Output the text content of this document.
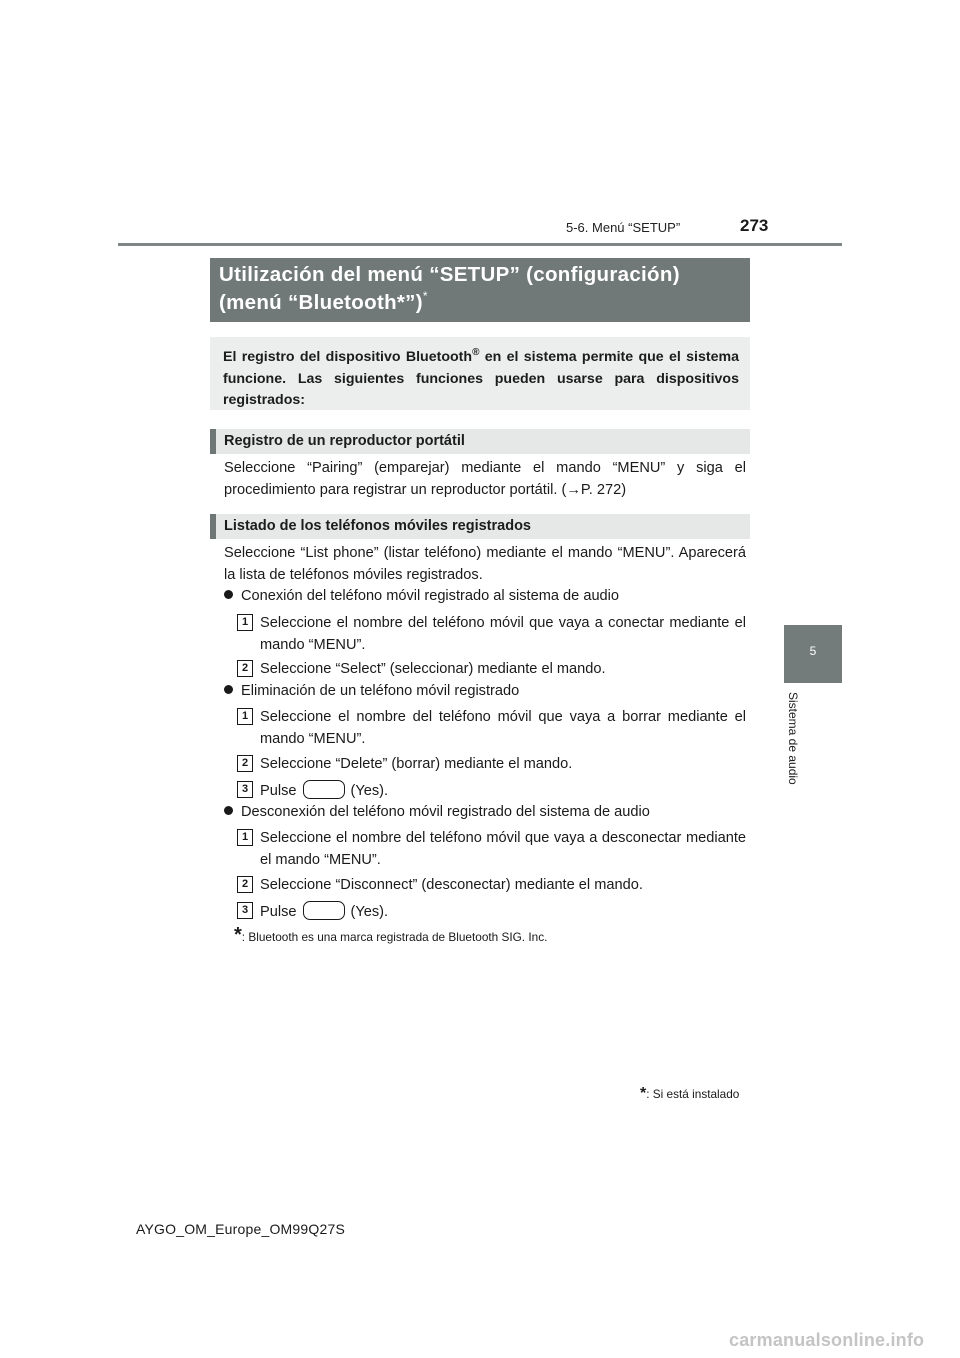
5-6. Menú “SETUP”	273
5
Sistema de audio
Utilización del menú “SETUP” (configuración)
(menú “Bluetooth*”)*

El registro del dispositivo Bluetooth® en el sistema permite que el sistema funcione. Las siguientes funciones pueden usarse para dispositivos registrados:

Registro de un reproductor portátil
Seleccione “Pairing” (emparejar) mediante el mando “MENU” y siga el procedimiento para registrar un reproductor portátil. (→P. 272)
Listado de los teléfonos móviles registrados
Seleccione “List phone” (listar teléfono) mediante el mando “MENU”. Aparecerá la lista de teléfonos móviles registrados.
Conexión del teléfono móvil registrado al sistema de audio
1 Seleccione el nombre del teléfono móvil que vaya a conectar mediante el mando “MENU”.
2 Seleccione “Select” (seleccionar) mediante el mando.
Eliminación de un teléfono móvil registrado
1 Seleccione el nombre del teléfono móvil que vaya a borrar mediante el mando “MENU”.
2 Seleccione “Delete” (borrar) mediante el mando.
3 Pulse	(Yes).
Desconexión del teléfono móvil registrado del sistema de audio
1 Seleccione el nombre del teléfono móvil que vaya a desconectar mediante el mando “MENU”.
2 Seleccione “Disconnect” (desconectar) mediante el mando.
3 Pulse	(Yes).
*: Bluetooth es una marca registrada de Bluetooth SIG. Inc.
*: Si está instalado
AYGO_OM_Europe_OM99Q27S
carmanualsonline.info
